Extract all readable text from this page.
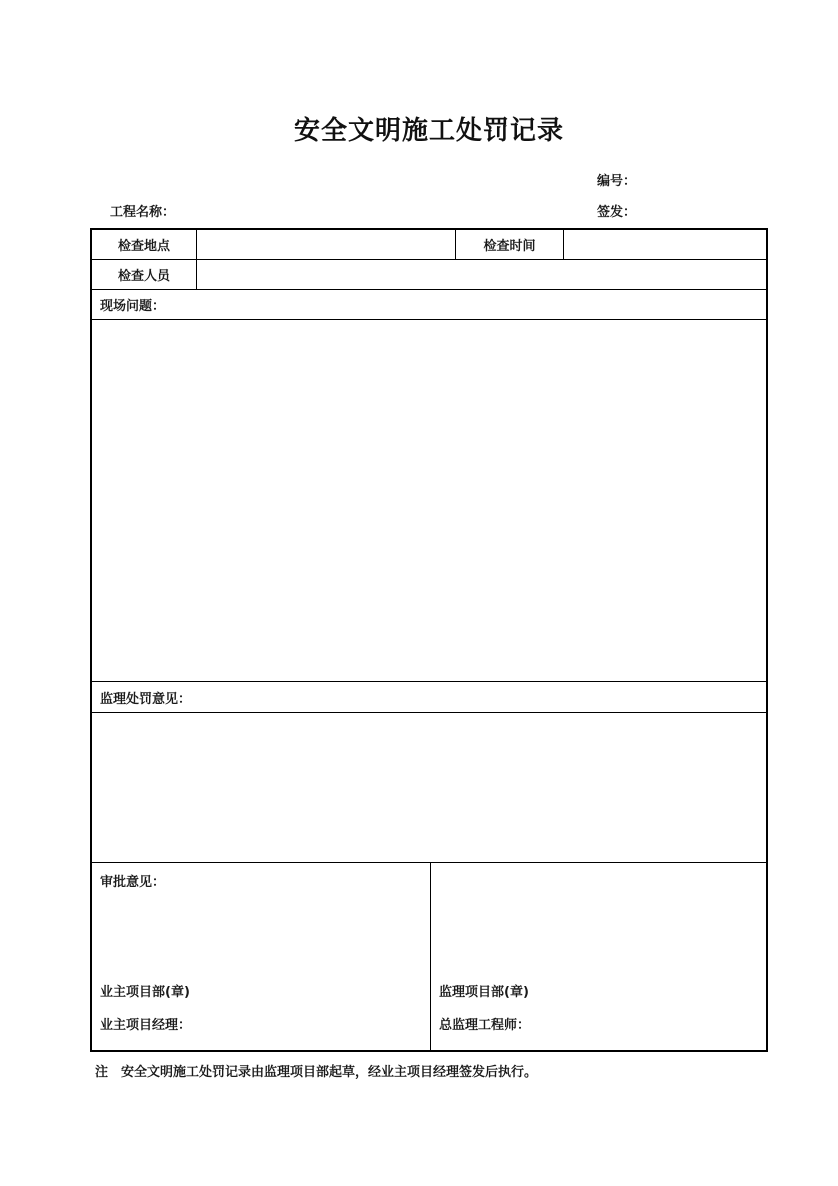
安全文明施工处罚记录
编号：
工程名称：	签发：
检查地点	检查时间
检查人员
现场问题：
监理处罚意见：
审批意见：
业主项目部(章)
业主项目经理：
监理项目部(章)
总监理工程师：
注　安全文明施工处罚记录由监理项目部起草，经业主项目经理签发后执行。
